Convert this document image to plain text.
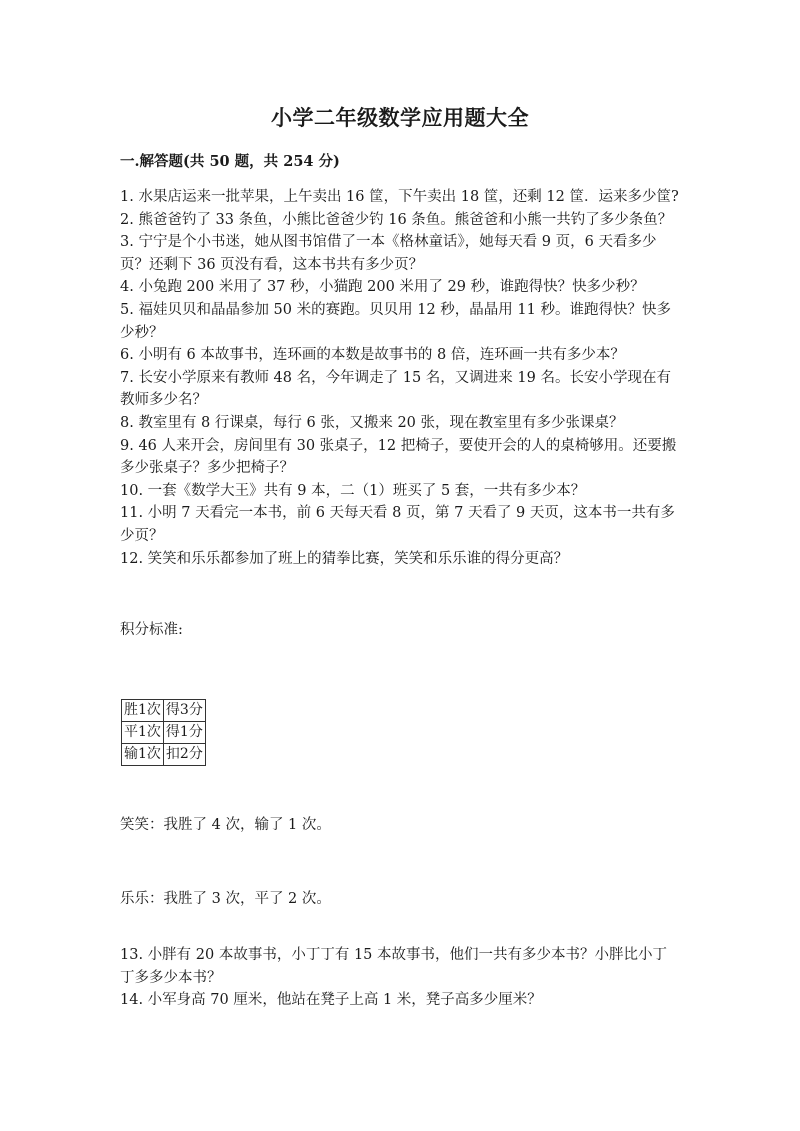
小学二年级数学应用题大全
一.解答题(共 50 题，共 254 分)

1. 水果店运来一批苹果，上午卖出 16 筐，下午卖出 18 筐，还剩 12 筐．运来多少筐?

2. 熊爸爸钓了 33 条鱼，小熊比爸爸少钓 16 条鱼。熊爸爸和小熊一共钓了多少条鱼？

3. 宁宁是个小书迷，她从图书馆借了一本《格林童话》，她每天看 9 页，6 天看多少页？还剩下 36 页没有看，这本书共有多少页？

4. 小兔跑 200 米用了 37 秒，小猫跑 200 米用了 29 秒，谁跑得快？快多少秒？

5. 福娃贝贝和晶晶参加 50 米的赛跑。贝贝用 12 秒，晶晶用 11 秒。谁跑得快？快多少秒？

6. 小明有 6 本故事书，连环画的本数是故事书的 8 倍，连环画一共有多少本？

7. 长安小学原来有教师 48 名，今年调走了 15 名，又调进来 19 名。长安小学现在有教师多少名？

8. 教室里有 8 行课桌，每行 6 张，又搬来 20 张，现在教室里有多少张课桌？

9. 46 人来开会，房间里有 30 张桌子，12 把椅子，要使开会的人的桌椅够用。还要搬多少张桌子？多少把椅子？

10. 一套《数学大王》共有 9 本，二（1）班买了 5 套，一共有多少本？

11. 小明 7 天看完一本书，前 6 天每天看 8 页，第 7 天看了 9 天页，这本书一共有多少页？

12. 笑笑和乐乐都参加了班上的猜拳比赛，笑笑和乐乐谁的得分更高？

积分标准:
胜1次	得3分
平1次	得1分
输1次	扣2分
笑笑：我胜了 4 次，输了 1 次。
乐乐：我胜了 3 次，平了 2 次。

13. 小胖有 20 本故事书，小丁丁有 15 本故事书，他们一共有多少本书？小胖比小丁丁多多少本书？

14. 小军身高 70 厘米，他站在凳子上高 1 米，凳子高多少厘米？
